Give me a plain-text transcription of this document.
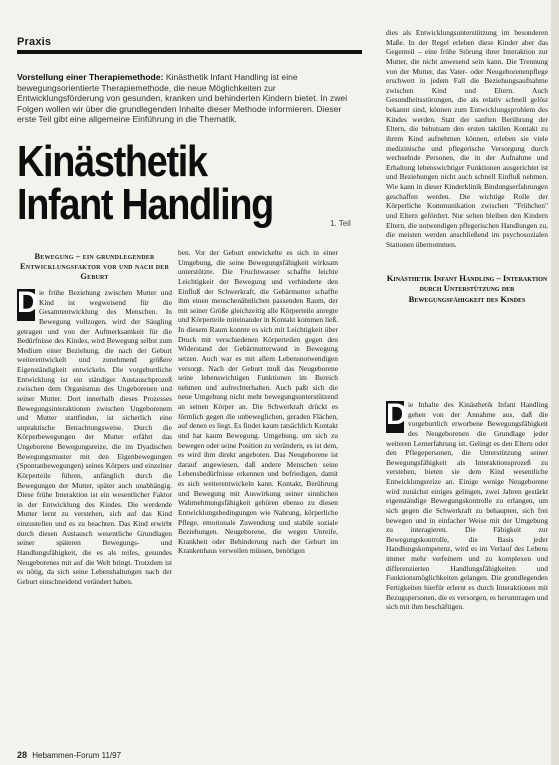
Praxis
Vorstellung einer Therapiemethode: Kinästhetik Infant Handling ist eine bewegungsorientierte Therapiemethode, die neue Möglichkeiten zur Entwicklungsförderung von gesunden, kranken und behinderten Kindern bietet. In zwei Folgen wollen wir über die grundlegenden Inhalte dieser Methode informieren. Dieser erste Teil gibt eine allgemeine Einführung in die Thematik.
Kinästhetik
Infant Handling	1. Teil
Bewegung – ein grundlegender Entwicklungsfaktor vor und nach der Geburt

D ie frühe Beziehung zwischen Mutter und Kind ist wegweisend für die Gesamtentwicklung des Menschen. In Bewegung vollzogen, wird der Säugling getragen und von der Aufmerksamkeit für die Bedürfnisse des Kindes, wird Bewegung selbst zum Medium einer Beziehung, die nach der Geburt weiterentwickelt und zunehmend größere Eigenständigkeit entwickeln. Die vorgeburtliche Entwicklung ist ein ständiger Austauschprozeß zwischen dem Organismus des Ungeborenen und seiner Mutter. Dort innerhalb dieses Prozesses Bewegungsinteraktionen zwischen Ungeborenem und Mutter stattfinden, ist sicherlich eine unpraktische Betrachtungsweise. Durch die Körperbewegungen der Mutter erfährt das Ungeborene Bewegungsreize, die im Dyadischen Bewegungsmuster mit den Eigenbewegungen (Spontanbewegungen) seines Körpers und einzelner Körperteile führen, anfänglich durch die Bewegungen der Mutter, später auch unabhängig. Diese frühe Interaktion ist ein wesentlicher Faktor in der Entwicklung des Kindes. Die werdende Mutter lernt zu verstehen, sich auf das Kind einzustellen und es zu beachten. Das Kind erwirbt durch diesen Austausch wesentliche Grundlagen seiner späteren Bewegungs- und Handlungsfähigkeit, die es als reifes, gesundes Neugeborenes mit auf die Welt bringt. Trotzdem ist es nötig, da sich seine Lebenshaltungen nach der Geburt einschneidend verändert haben.

ben. Vor der Geburt entwickelte es sich in einer Umgebung, die seine Bewegungsfähigkeit wirksam unterstützte. Die Fruchtwasser schaffte leichte Leichtigkeit der Bewegung und verhinderte den Einfluß der Schwerkraft, die Gebärmutter schaffte ihm einen menschenähnlichen passenden Raum, der mit seiner Größe gleichzeitig alle Körperteile anregte und Körperteile miteinander in Kontakt kommen ließ. In diesem Raum konnte es sich mit Leichtigkeit über Druck mit verschiedenen Körperteilen gegen den Widerstand der Gebärmutterwand in Bewegung setzen. Auch war es mit allem Lebensnotwendigen versorgt. Nach der Geburt muß das Neugeborene seine lebenswichtigen Funktionen im Bereich nehmen und aufrechterhalten. Auch paßt sich die neue Umgebung nicht mehr bewegungsunterstützend an seinen Körper an. Die Schwerkraft drückt es förmlich gegen die unbeweglichen, geraden Flächen, auf denen es liegt. Es findet kaum tatsächlich Kontakt und hat kaum Bewegung. Umgebung, um sich zu bewegen oder seine Position zu verändern, es ist dem, es wird ihm direkt angeboten. Das Neugeborene ist darauf angewiesen, daß andere Menschen seine Lebensbedürfnisse erkennen und befriedigen, damit es sich weiterentwickeln kann. Kontakt, Berührung und Bewegung mit Auswirkung seiner sinnlichen Wahrnehmungsfähigkeit gehören ebenso zu diesen Entwicklungsbedingungen wie Nahrung, körperliche Pflege, emotionale Zuwendung und stabile soziale Beziehungen. Neugeborene, die wegen Unreife, Krankheit oder Behinderung nach der Geburt im Krankenhaus verweilen müssen, benötigen

dies als Entwicklungsunterstützung im besonderen Maße. In der Regel erleben diese Kinder aber das Gegenteil – eine frühe Störung ihrer Interaktion zur Mutter, die nicht anwesend sein kann. Die Trennung von der Mutter, das Vater- oder Neugeborenenpflege erschwert in jedem Fall die Beziehungsaufnahme zwischen Kind und Eltern. Auch Gesundheitsstörungen, die als relativ schnell gelöst bekannt sind, können zum Entwicklungsproblem des Kindes werden. Statt der sanften Berührung der Eltern, die behutsam den ersten taktilen Kontakt zu ihrem Kind aufnehmen können, erleben sie viele medizinische und pflegerische Versorgung durch wechselnde Personen, die in der Aufnahme und Erhaltung lebenswichtiger Funktionen ausgerichtet ist und Beziehungen nicht auch schnell Einfluß nehmen. Wie kann in dieser Kinderklinik Bindungserfahrungen geschaffen werden. Die wichtige Rolle der Körperliche Kommunikation zwischen "Frühchen" und Eltern gefördert. Nur selten bleiben den Kindern Eltern, die notwendigen pflegerischen Handlungen zu, die meisten werden anschließend im psychosozialen Stationen übernommen.

Kinästhetik Infant Handling – Interaktion durch Unterstützung der Bewegungsfähigkeit des Kindes

D ie Inhalte des Kinästhetik Infant Handling gehen von der Annahme aus, daß die vorgeburtlich erworbene Bewegungsfähigkeit des Neugeborenen die Grundlage jeder weiteren Lernerfahrung ist. Gelingt es den Eltern oder den Pflegepersonen, die Unterstützung seiner Bewegungsfähigkeit als Interaktionsprozeß zu verstehen, bieten sie dem Kind wesentliche Entwicklungsreize an. Einige wenige Neugeborene wird zunächst einiges gelingen, zwei Jahren gestärkt eigenständige Bewegungskontrolle zu erlangen, um sich gegen die Schwerkraft zu behaupten, sich frei bewegen und in einfacher Weise mit der Umgebung zu interagieren. Die Fähigkeit zur Bewegungskontrolle, die Basis jeder Handlungskompetenz, wird es im Verlauf des Lebens immer mehr verfeinern und zu komplexen und differenzierten Handlungsfähigkeiten und Funktionsmöglichkeiten gelangen. Die grundlegenden Fertigkeiten hierfür erlernt es durch Interaktionen mit Bezugspersonen, die es versorgen, es herumtragen und sich mit ihm beschäftigen.

28 Hebammen-Forum 11/97
